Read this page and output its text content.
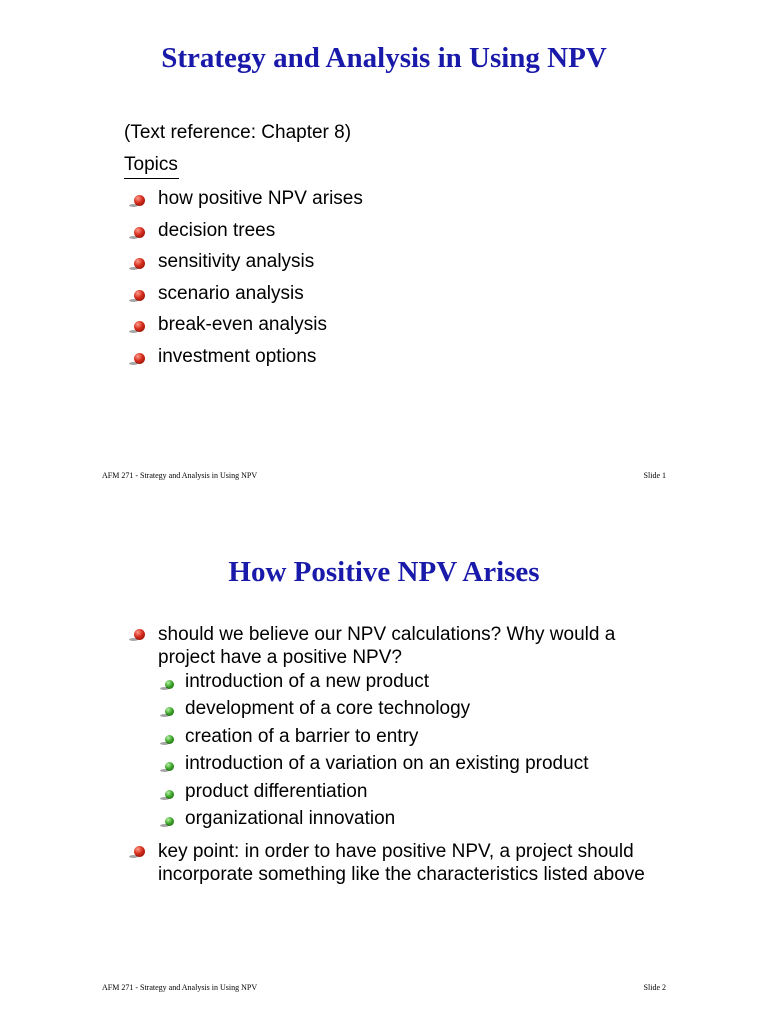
Strategy and Analysis in Using NPV
(Text reference: Chapter 8)
Topics
how positive NPV arises
decision trees
sensitivity analysis
scenario analysis
break-even analysis
investment options
AFM 271 - Strategy and Analysis in Using NPV	Slide 1
How Positive NPV Arises
should we believe our NPV calculations? Why would a project have a positive NPV?
introduction of a new product
development of a core technology
creation of a barrier to entry
introduction of a variation on an existing product
product differentiation
organizational innovation
key point: in order to have positive NPV, a project should incorporate something like the characteristics listed above
AFM 271 - Strategy and Analysis in Using NPV	Slide 2
